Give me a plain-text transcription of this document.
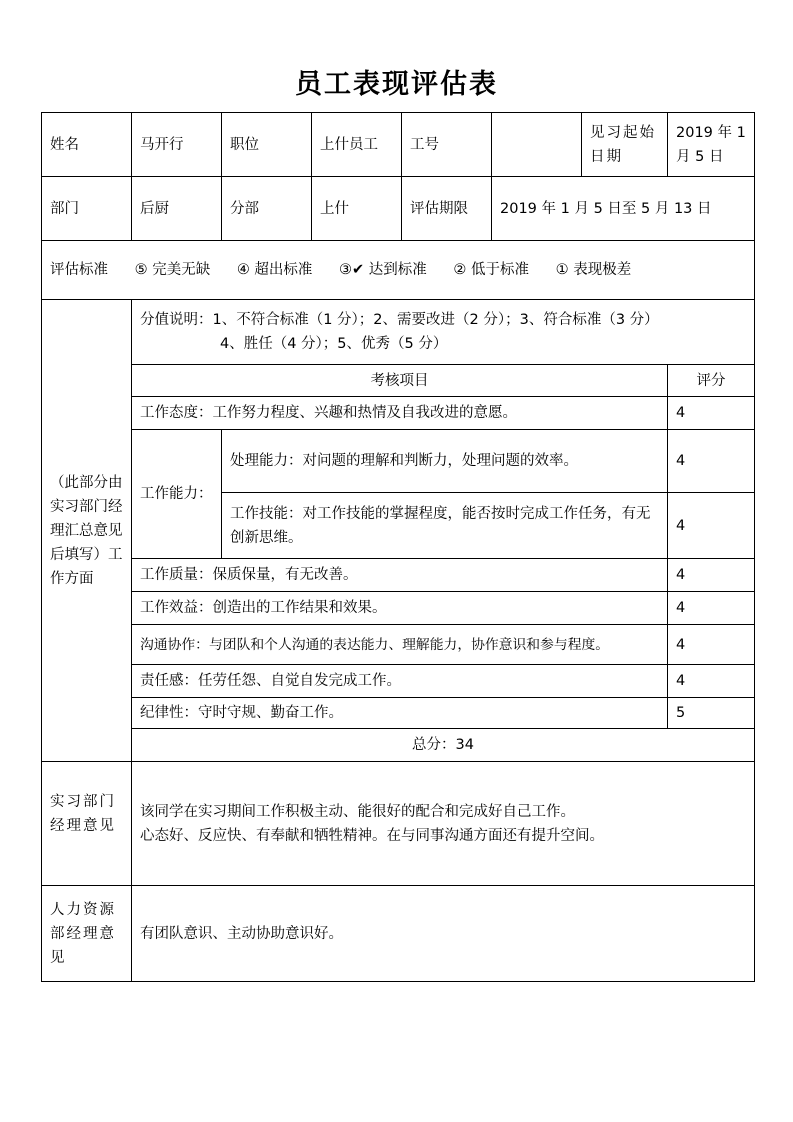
员工表现评估表
姓名	马开行	职位	上什员工	工号		见习起始日期	2019 年 1 月 5 日
部门	后厨	分部	上什	评估期限	2019 年 1 月 5 日至 5 月 13 日		
评估标准 ⑤ 完美无缺 ④ 超出标准 ③✔ 达到标准 ② 低于标准 ① 表现极差							
（此部分由实习部门经理汇总意见后填写）工作方面	分值说明：1、不符合标准（1 分）；2、需要改进（2 分）；3、符合标准（3 分）
4、胜任（4 分）；5、优秀（5 分）						

	考核项目						评分
	工作态度：工作努力程度、兴趣和热情及自我改进的意愿。						4
	工作能力：	处理能力：对问题的理解和判断力，处理问题的效率。					4
		工作技能：对工作技能的掌握程度，能否按时完成工作任务，有无创新思维。					4
	工作质量：保质保量，有无改善。						4
	工作效益：创造出的工作结果和效果。						4
	沟通协作：与团队和个人沟通的表达能力、理解能力，协作意识和参与程度。						4
	责任感：任劳任怨、自觉自发完成工作。						4
	纪律性：守时守规、勤奋工作。						5
	总分：34						
实习部门经理意见	该同学在实习期间工作积极主动、能很好的配合和完成好自己工作。
心态好、反应快、有奉献和牺牲精神。在与同事沟通方面还有提升空间。						

人力资源部经理意见	有团队意识、主动协助意识好。						
